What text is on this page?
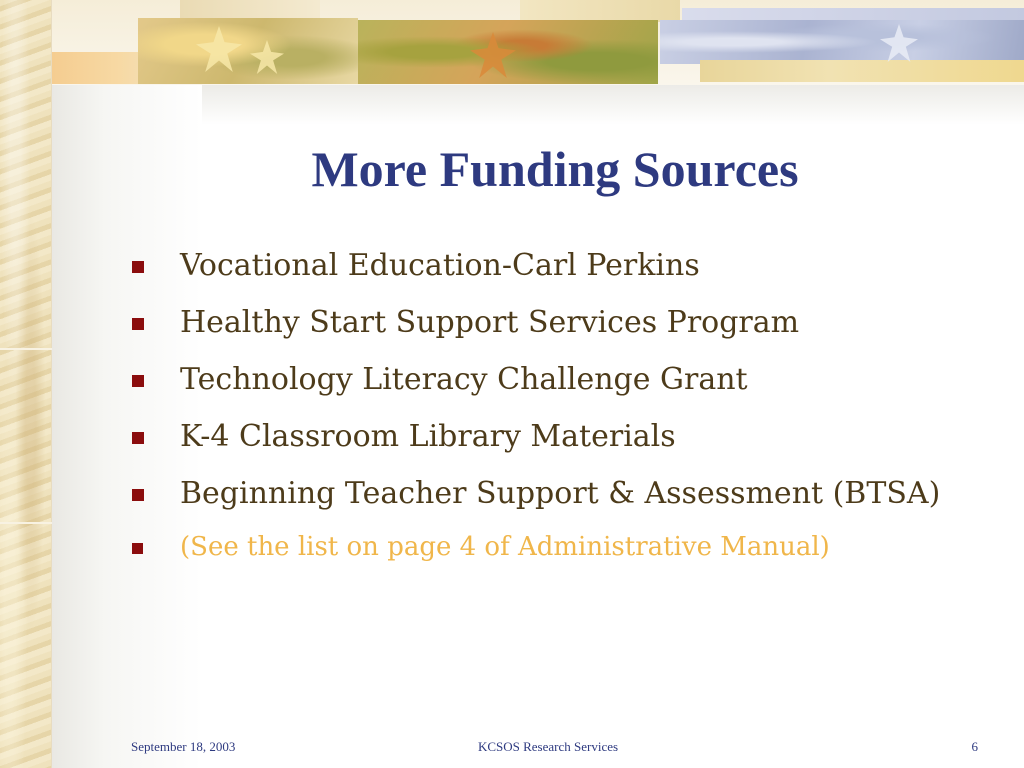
More Funding Sources
Vocational Education-Carl Perkins
Healthy Start Support Services Program
Technology Literacy Challenge Grant
K-4 Classroom Library Materials
Beginning Teacher Support & Assessment (BTSA)
(See the list on page 4 of Administrative Manual)
September 18, 2003	KCSOS Research Services	6
